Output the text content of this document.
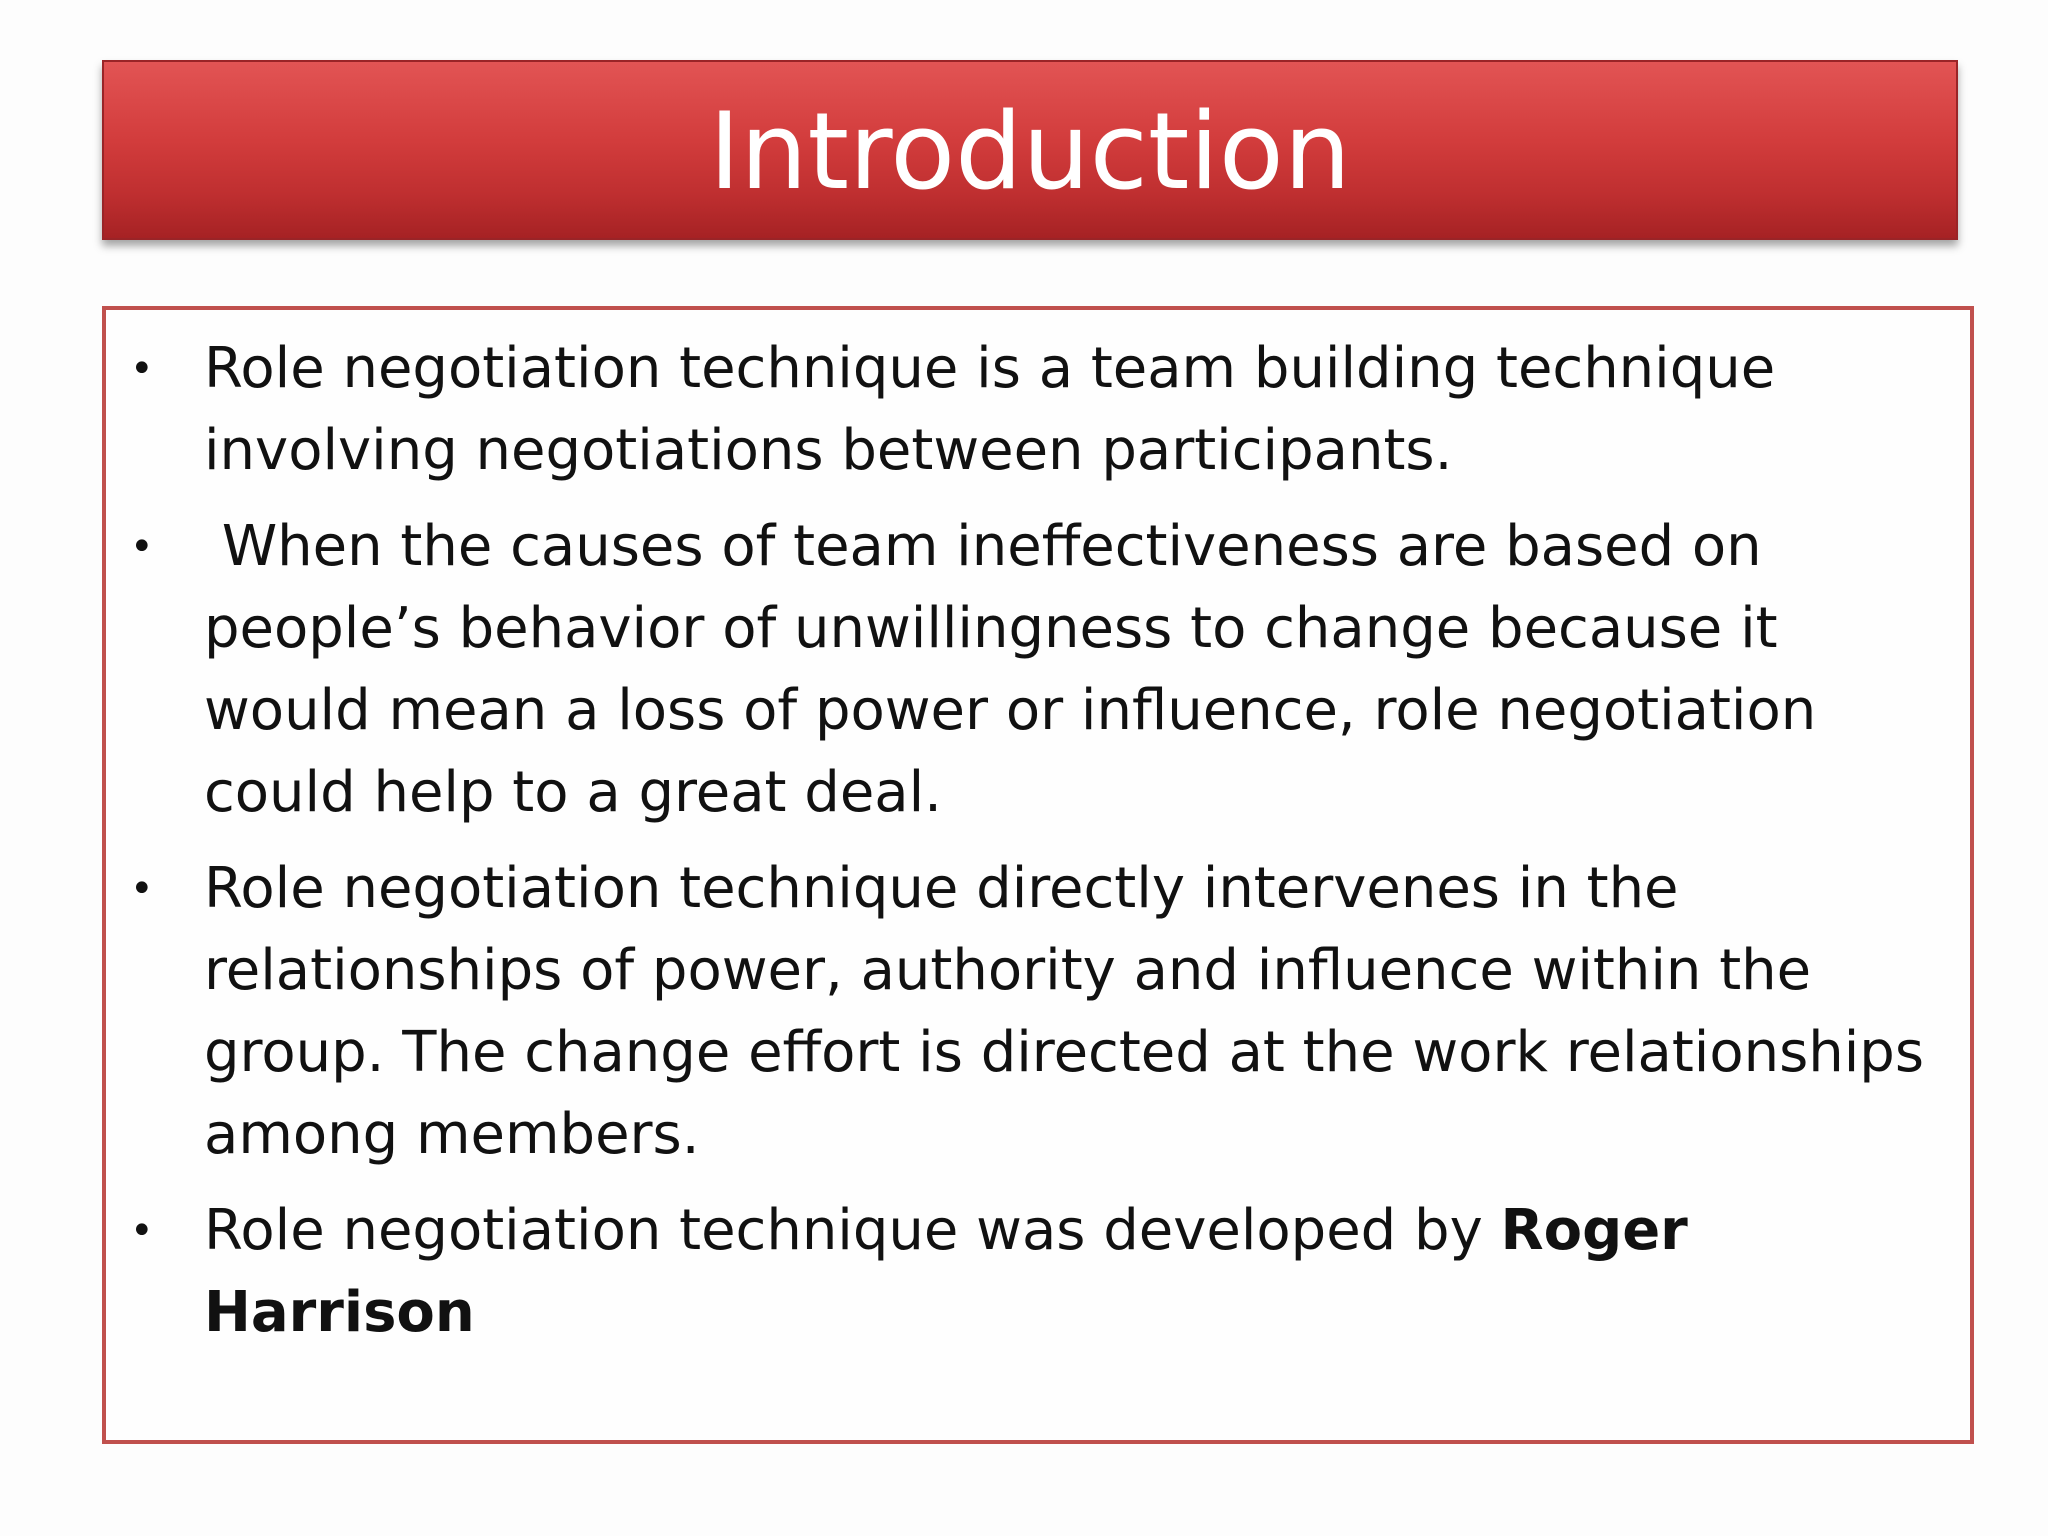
Introduction
• Role negotiation technique is a team building technique involving negotiations between participants.
• When the causes of team ineffectiveness are based on people’s behavior of unwillingness to change because it would mean a loss of power or influence, role negotiation could help to a great deal.
• Role negotiation technique directly intervenes in the relationships of power, authority and influence within the group. The change effort is directed at the work relationships among members.
• Role negotiation technique was developed by Roger Harrison
